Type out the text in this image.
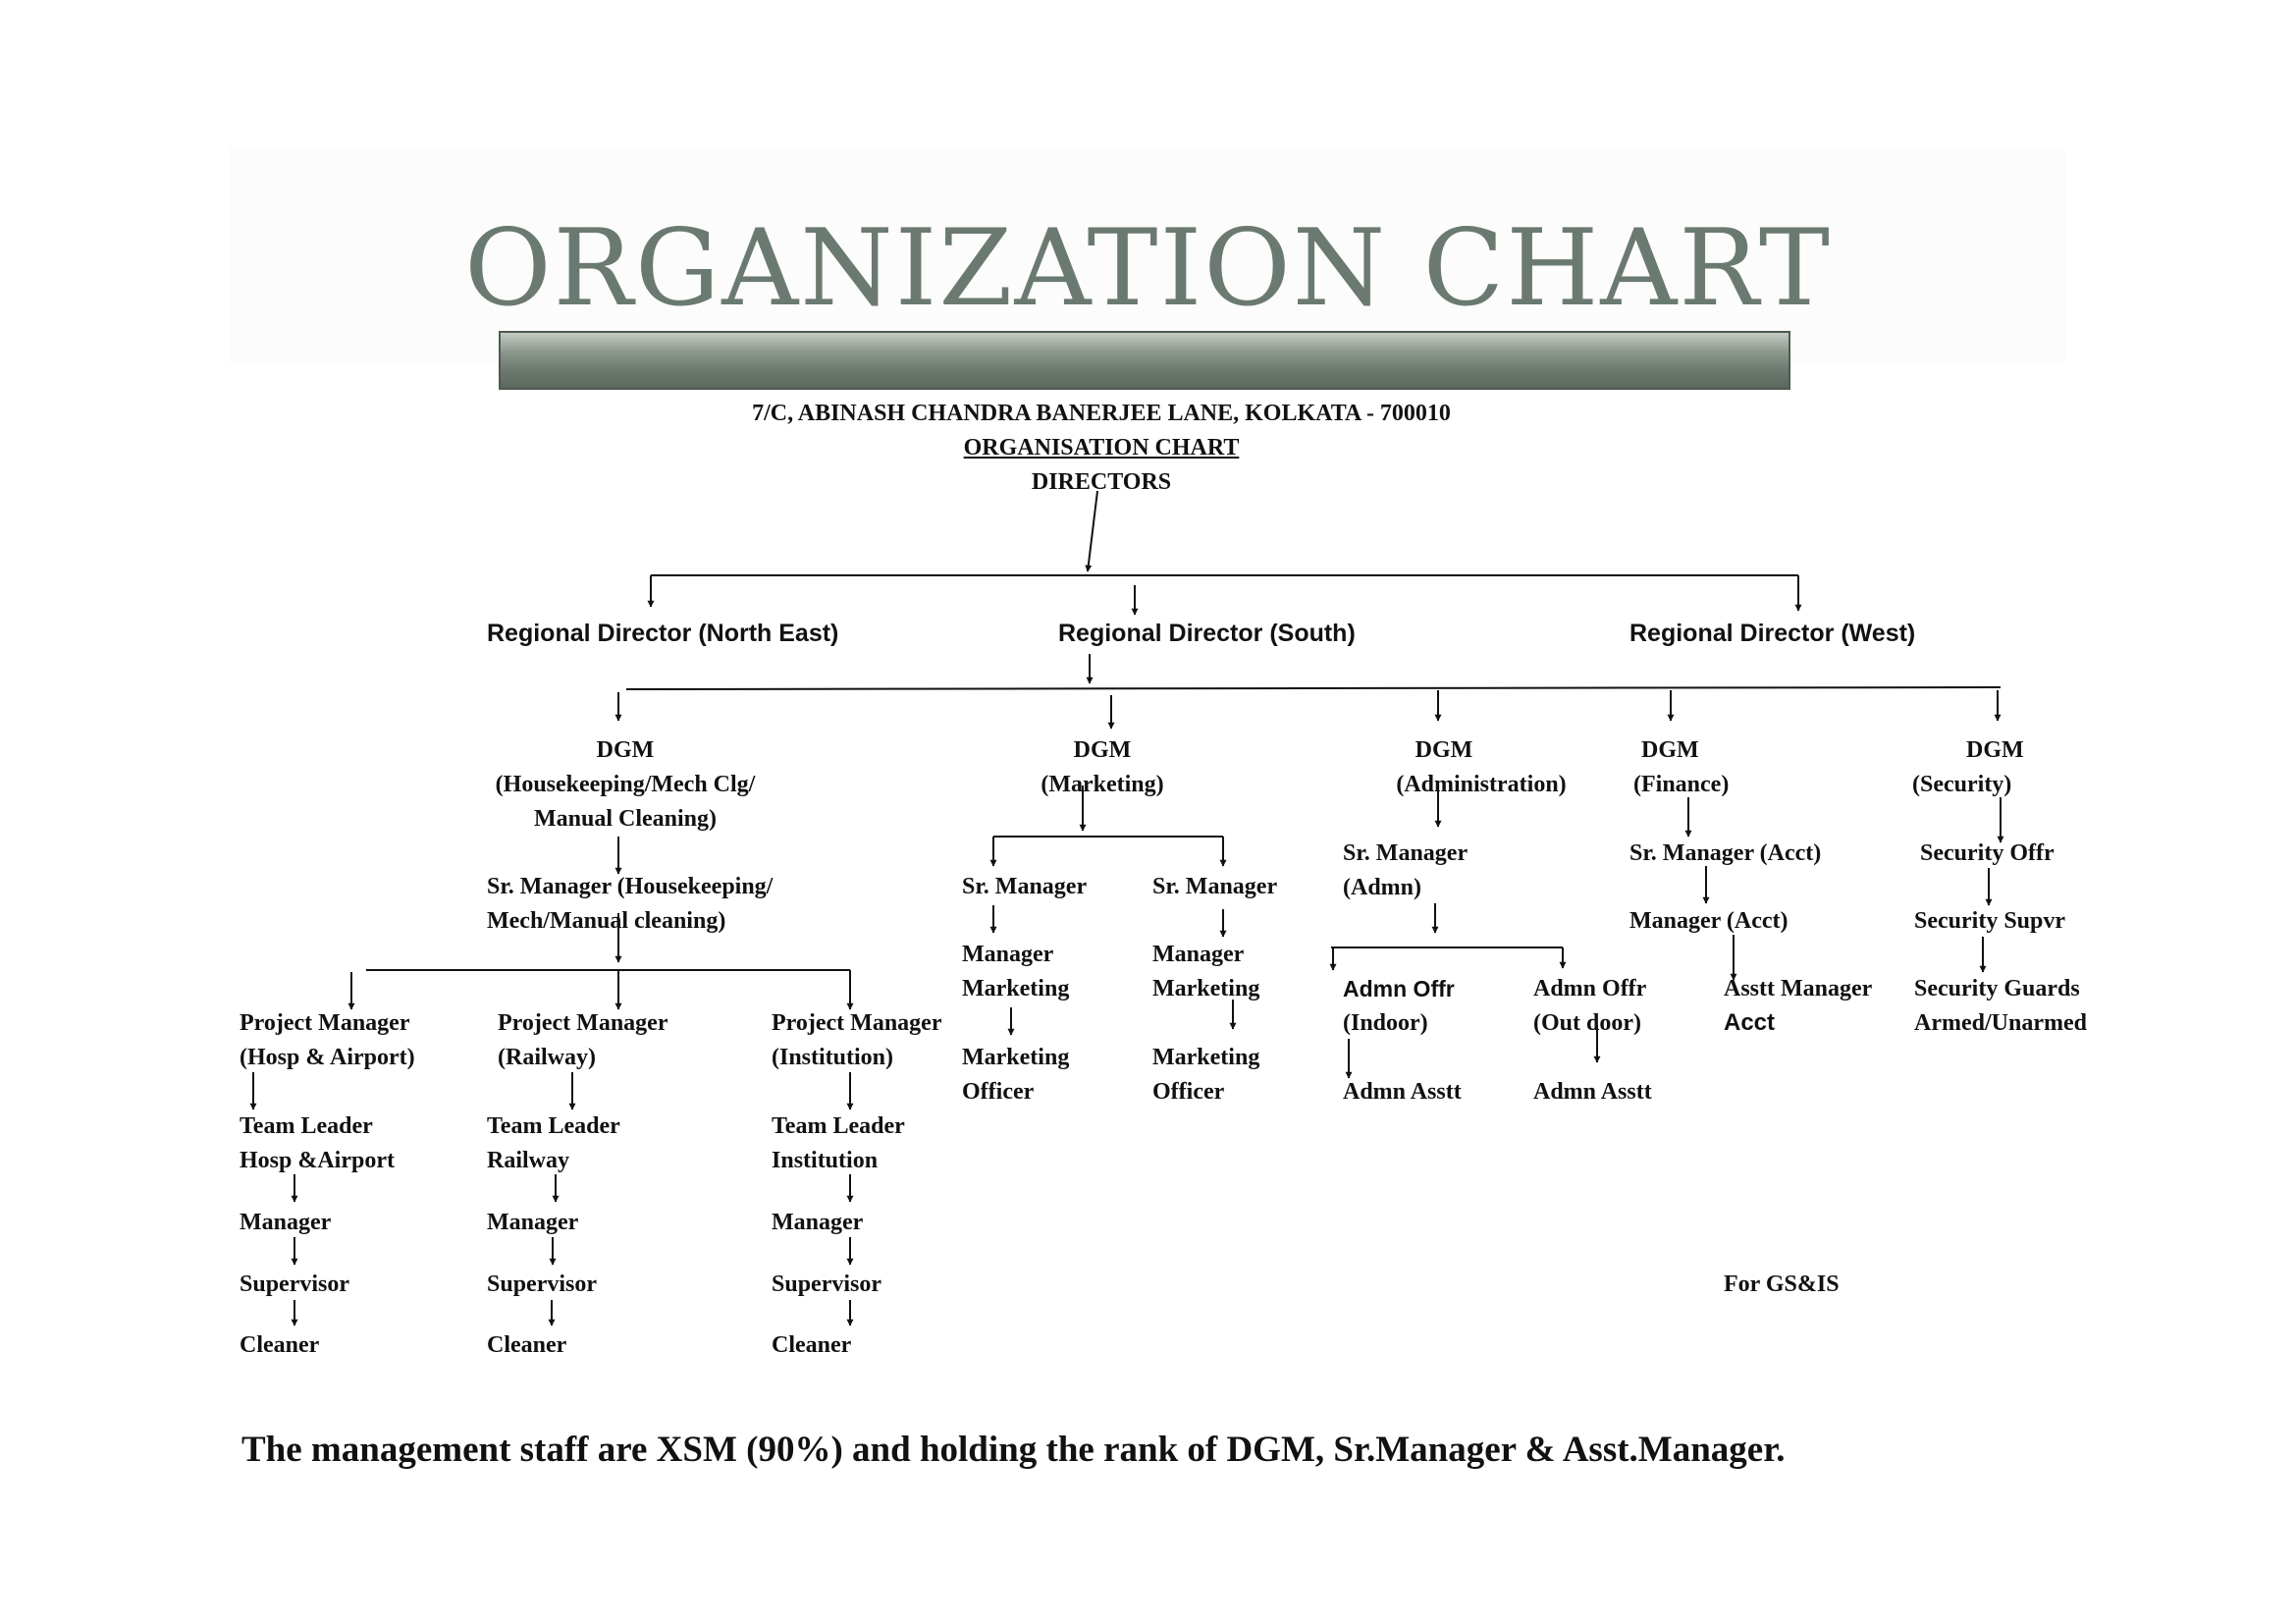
ORGANIZATION CHART
7/C, ABINASH CHANDRA BANERJEE LANE, KOLKATA - 700010
ORGANISATION CHART
DIRECTORS
Regional Director (North East)	Regional Director (South)	Regional Director (West)
DGM
(Housekeeping/Mech Clg/
Manual Cleaning)
DGM
(Marketing)
DGM
(Administration)
DGM
(Finance)
DGM
(Security)
Sr. Manager (Housekeeping/
Mech/Manual cleaning)
Project Manager
(Hosp & Airport)
Project Manager
(Railway)
Project Manager
(Institution)
Team Leader
Hosp &Airport
Team Leader
Railway
Team Leader
Institution
Manager	Manager	Manager
Supervisor	Supervisor	Supervisor
Cleaner	Cleaner	Cleaner
Sr. Manager	Sr. Manager
Manager
Marketing
Manager
Marketing
Marketing
Officer
Marketing
Officer
Sr. Manager
(Admn)
Admn Offr
(Indoor)
Admn Offr
(Out door)
Admn Asstt	Admn Asstt
Sr. Manager (Acct)
Manager (Acct)
Asstt Manager
Acct
Security Offr
Security Supvr
Security Guards
Armed/Unarmed
For GS&IS
The management staff are XSM (90%) and holding the rank of DGM, Sr.Manager & Asst.Manager.
